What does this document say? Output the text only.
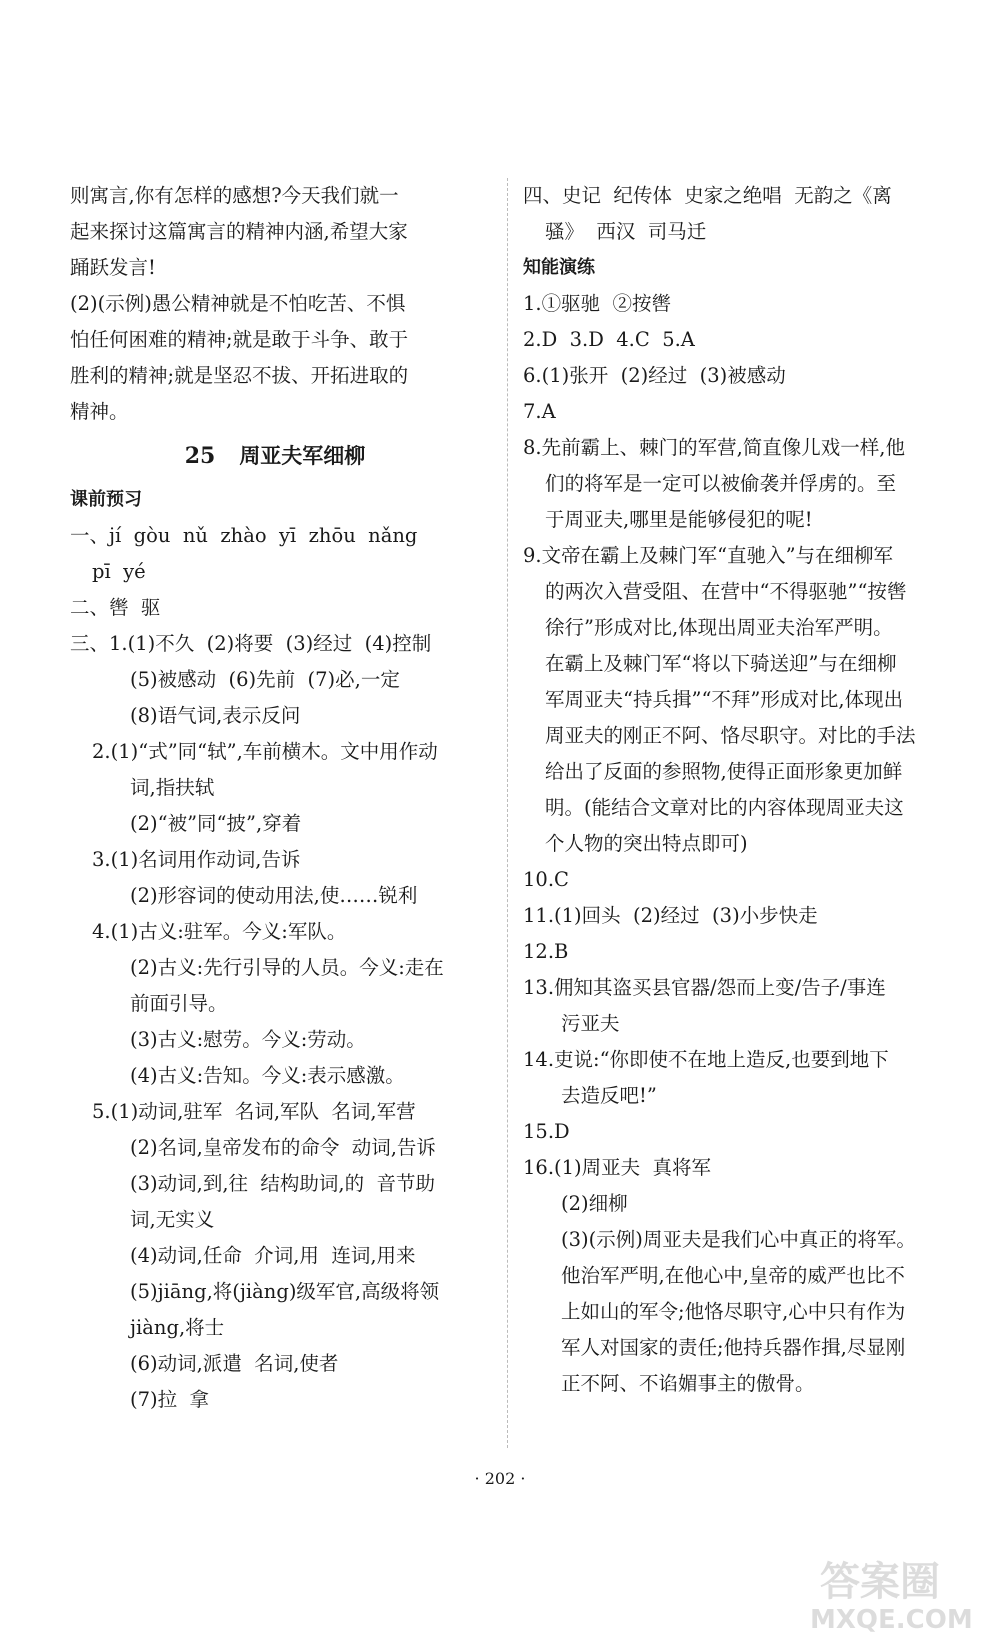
则寓言,你有怎样的感想?今天我们就一
起来探讨这篇寓言的精神内涵,希望大家
踊跃发言!
(2)(示例)愚公精神就是不怕吃苦、不惧
怕任何困难的精神;就是敢于斗争、敢于
胜利的精神;就是坚忍不拔、开拓进取的
精神。
25 周亚夫军细柳
课前预习
一、jí  gòu  nǔ  zhào  yī  zhōu  nǎng
pī  yé
二、辔  驱
三、1.(1)不久  (2)将要  (3)经过  (4)控制
(5)被感动  (6)先前  (7)必,一定
(8)语气词,表示反问
2.(1)“式”同“轼”,车前横木。文中用作动
词,指扶轼
(2)“被”同“披”,穿着
3.(1)名词用作动词,告诉
(2)形容词的使动用法,使……锐利
4.(1)古义:驻军。今义:军队。
(2)古义:先行引导的人员。今义:走在
前面引导。
(3)古义:慰劳。今义:劳动。
(4)古义:告知。今义:表示感激。
5.(1)动词,驻军  名词,军队  名词,军营
(2)名词,皇帝发布的命令  动词,告诉
(3)动词,到,往  结构助词,的  音节助
词,无实义
(4)动词,任命  介词,用  连词,用来
(5)jiāng,将(jiàng)级军官,高级将领
jiàng,将士
(6)动词,派遣  名词,使者
(7)拉  拿
四、史记  纪传体  史家之绝唱  无韵之《离
骚》  西汉  司马迁
知能演练
1.①驱驰  ②按辔
2.D  3.D  4.C  5.A
6.(1)张开  (2)经过  (3)被感动
7.A
8.先前霸上、棘门的军营,简直像儿戏一样,他
们的将军是一定可以被偷袭并俘虏的。至
于周亚夫,哪里是能够侵犯的呢!
9.文帝在霸上及棘门军“直驰入”与在细柳军
的两次入营受阻、在营中“不得驱驰”“按辔
徐行”形成对比,体现出周亚夫治军严明。
在霸上及棘门军“将以下骑送迎”与在细柳
军周亚夫“持兵揖”“不拜”形成对比,体现出
周亚夫的刚正不阿、恪尽职守。对比的手法
给出了反面的参照物,使得正面形象更加鲜
明。(能结合文章对比的内容体现周亚夫这
个人物的突出特点即可)
10.C
11.(1)回头  (2)经过  (3)小步快走
12.B
13.佣知其盗买县官器/怨而上变/告子/事连
污亚夫
14.吏说:“你即使不在地上造反,也要到地下
去造反吧!”
15.D
16.(1)周亚夫  真将军
(2)细柳
(3)(示例)周亚夫是我们心中真正的将军。
他治军严明,在他心中,皇帝的威严也比不
上如山的军令;他恪尽职守,心中只有作为
军人对国家的责任;他持兵器作揖,尽显刚
正不阿、不谄媚事主的傲骨。
· 202 ·
答案圈
MXQE.COM
